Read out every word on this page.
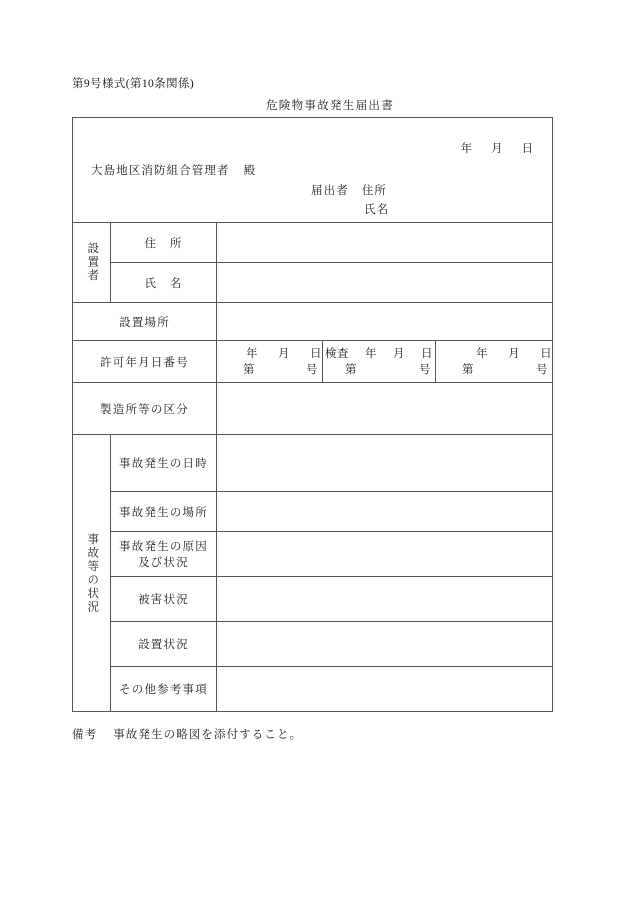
第9号様式(第10条関係)
危険物事故発生届出書
年 月 日
大島地区消防組合管理者 殿
届出者 住所
氏名				

設置者	住　所			
	氏　名			
設置場所				
許可年月日番号	
年 月 日
第	号

検査 年 月 日
第	号

年 月 日
第	号

製造所等の区分				

事故等の状況	事故発生の日時			
	事故発生の場所			

	事故発生の原因
及び状況			

	被害状況			
	設置状況			
	その他参考事項			
備考 事故発生の略図を添付すること。
